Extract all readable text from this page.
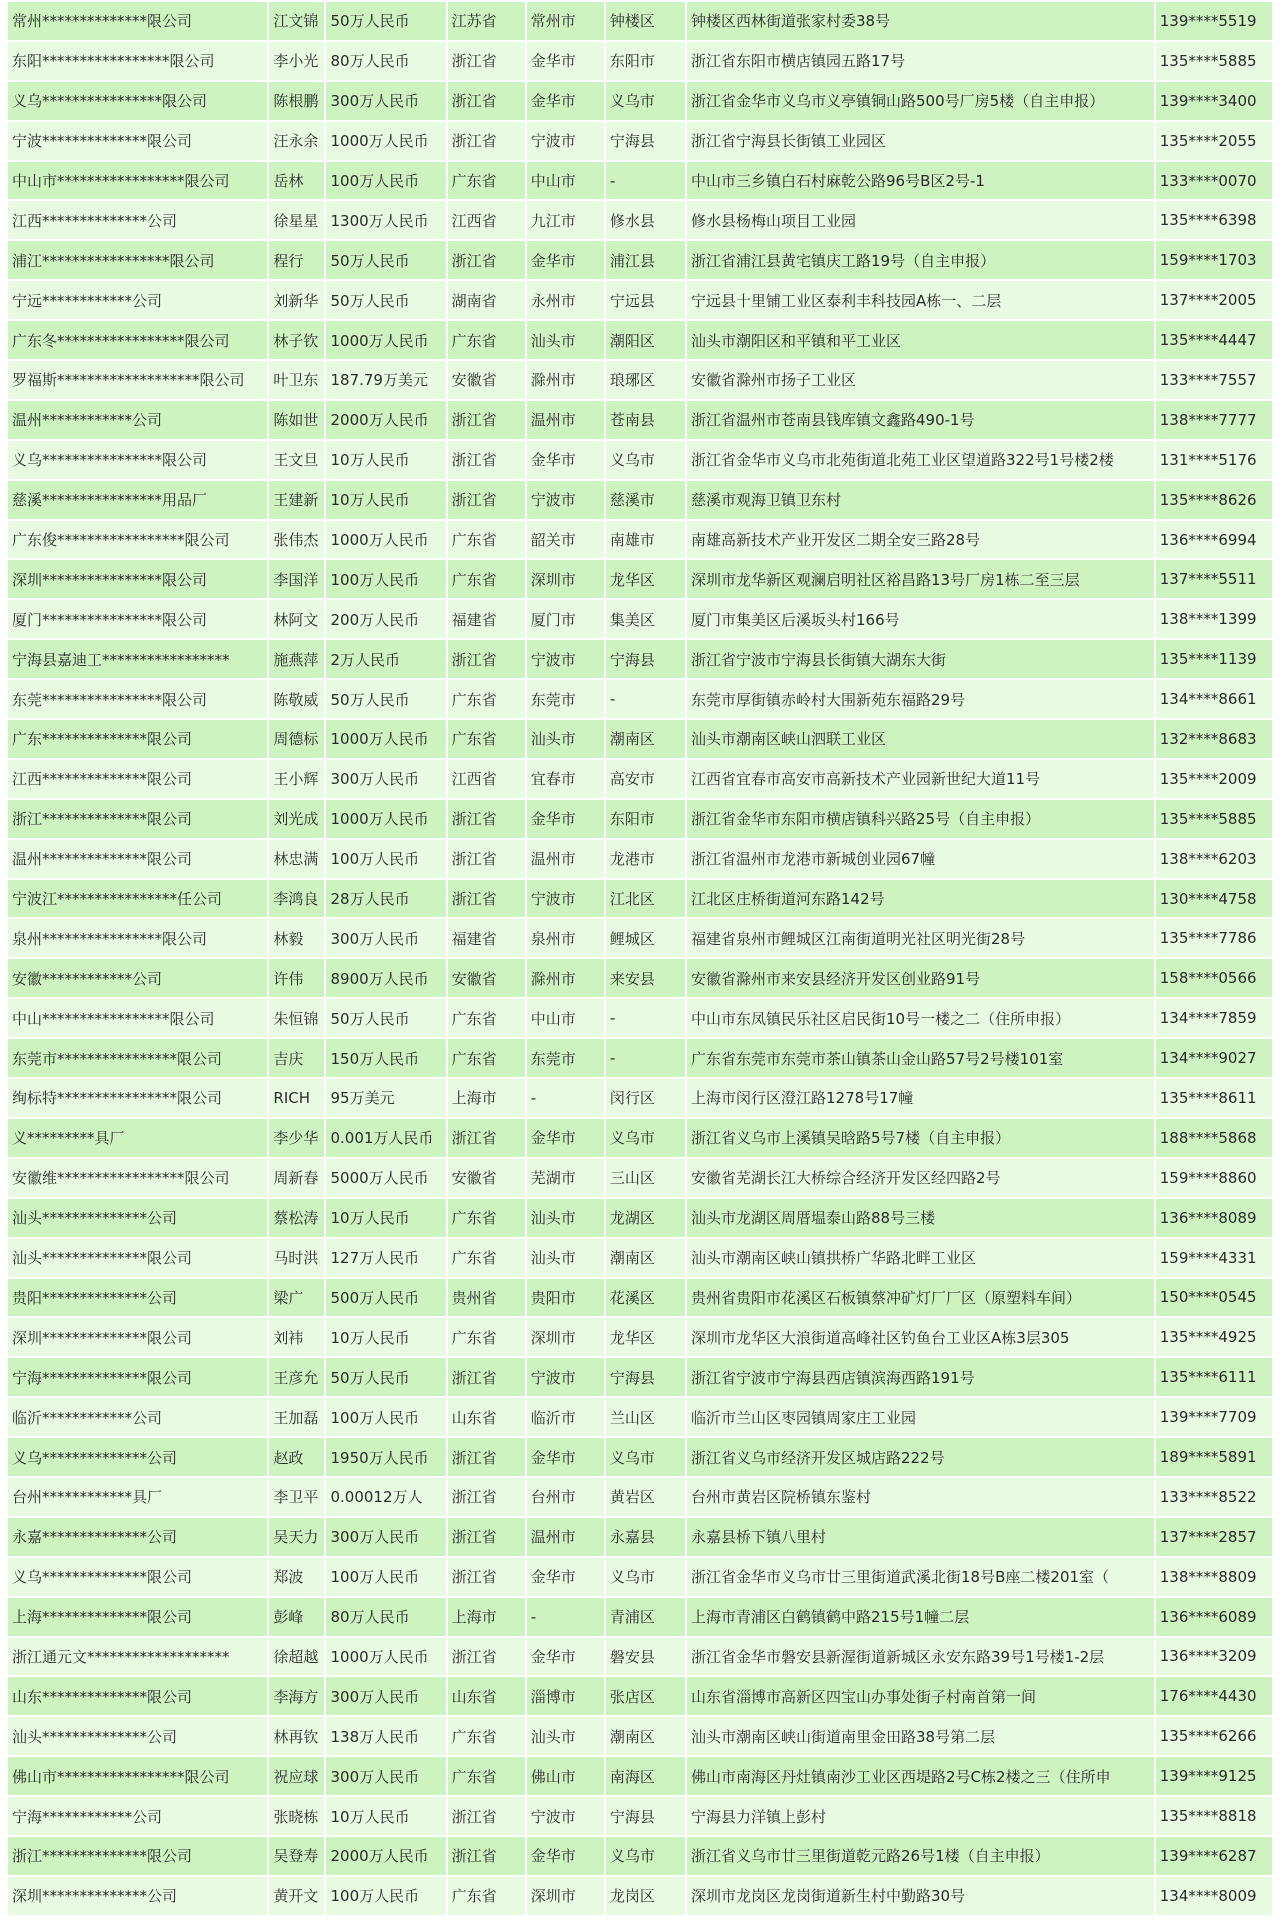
常州**************限公司	江文锦	50万人民币	江苏省	常州市	钟楼区	钟楼区西林街道张家村委38号	139****5519
东阳*****************限公司	李小光	80万人民币	浙江省	金华市	东阳市	浙江省东阳市横店镇园五路17号	135****5885
义乌****************限公司	陈根鹏	300万人民币	浙江省	金华市	义乌市	浙江省金华市义乌市义亭镇铜山路500号厂房5楼（自主申报）	139****3400
宁波**************限公司	汪永余	1000万人民币	浙江省	宁波市	宁海县	浙江省宁海县长街镇工业园区	135****2055
中山市*****************限公司	岳林	100万人民币	广东省	中山市	-	中山市三乡镇白石村麻乾公路96号B区2号-1	133****0070
江西**************公司	徐星星	1300万人民币	江西省	九江市	修水县	修水县杨梅山项目工业园	135****6398
浦江*****************限公司	程行	50万人民币	浙江省	金华市	浦江县	浙江省浦江县黄宅镇庆工路19号（自主申报）	159****1703
宁远************公司	刘新华	50万人民币	湖南省	永州市	宁远县	宁远县十里铺工业区泰利丰科技园A栋一、二层	137****2005
广东冬*****************限公司	林子钦	1000万人民币	广东省	汕头市	潮阳区	汕头市潮阳区和平镇和平工业区	135****4447
罗福斯*******************限公司	叶卫东	187.79万美元	安徽省	滁州市	琅琊区	安徽省滁州市扬子工业区	133****7557
温州************公司	陈如世	2000万人民币	浙江省	温州市	苍南县	浙江省温州市苍南县钱库镇文鑫路490-1号	138****7777
义乌****************限公司	王文旦	10万人民币	浙江省	金华市	义乌市	浙江省金华市义乌市北苑街道北苑工业区望道路322号1号楼2楼	131****5176
慈溪****************用品厂	王建新	10万人民币	浙江省	宁波市	慈溪市	慈溪市观海卫镇卫东村	135****8626
广东俊*****************限公司	张伟杰	1000万人民币	广东省	韶关市	南雄市	南雄高新技术产业开发区二期全安三路28号	136****6994
深圳****************限公司	李国洋	100万人民币	广东省	深圳市	龙华区	深圳市龙华新区观澜启明社区裕昌路13号厂房1栋二至三层	137****5511
厦门****************限公司	林阿文	200万人民币	福建省	厦门市	集美区	厦门市集美区后溪坂头村166号	138****1399
宁海县嘉迪工*****************	施燕萍	2万人民币	浙江省	宁波市	宁海县	浙江省宁波市宁海县长街镇大湖东大街	135****1139
东莞****************限公司	陈敬威	50万人民币	广东省	东莞市	-	东莞市厚街镇赤岭村大围新苑东福路29号	134****8661
广东**************限公司	周德标	1000万人民币	广东省	汕头市	潮南区	汕头市潮南区峡山泗联工业区	132****8683
江西**************限公司	王小辉	300万人民币	江西省	宜春市	高安市	江西省宜春市高安市高新技术产业园新世纪大道11号	135****2009
浙江**************限公司	刘光成	1000万人民币	浙江省	金华市	东阳市	浙江省金华市东阳市横店镇科兴路25号（自主申报）	135****5885
温州**************限公司	林忠满	100万人民币	浙江省	温州市	龙港市	浙江省温州市龙港市新城创业园67幢	138****6203
宁波江****************任公司	李鸿良	28万人民币	浙江省	宁波市	江北区	江北区庄桥街道河东路142号	130****4758
泉州****************限公司	林毅	300万人民币	福建省	泉州市	鲤城区	福建省泉州市鲤城区江南街道明光社区明光街28号	135****7786
安徽************公司	许伟	8900万人民币	安徽省	滁州市	来安县	安徽省滁州市来安县经济开发区创业路91号	158****0566
中山*****************限公司	朱恒锦	50万人民币	广东省	中山市	-	中山市东凤镇民乐社区启民街10号一楼之二（住所申报）	134****7859
东莞市****************限公司	吉庆	150万人民币	广东省	东莞市	-	广东省东莞市东莞市茶山镇茶山金山路57号2号楼101室	134****9027
绚标特****************限公司	RICH	95万美元	上海市	-	闵行区	上海市闵行区澄江路1278号17幢	135****8611
义*********具厂	李少华	0.001万人民币	浙江省	金华市	义乌市	浙江省义乌市上溪镇吴晗路5号7楼（自主申报）	188****5868
安徽维*****************限公司	周新春	5000万人民币	安徽省	芜湖市	三山区	安徽省芜湖长江大桥综合经济开发区经四路2号	159****8860
汕头**************公司	蔡松涛	10万人民币	广东省	汕头市	龙湖区	汕头市龙湖区周厝塭泰山路88号三楼	136****8089
汕头**************限公司	马时洪	127万人民币	广东省	汕头市	潮南区	汕头市潮南区峡山镇拱桥广华路北畔工业区	159****4331
贵阳**************公司	梁广	500万人民币	贵州省	贵阳市	花溪区	贵州省贵阳市花溪区石板镇蔡冲矿灯厂厂区（原塑料车间）	150****0545
深圳**************限公司	刘袆	10万人民币	广东省	深圳市	龙华区	深圳市龙华区大浪街道高峰社区钓鱼台工业区A栋3层305	135****4925
宁海**************限公司	王彦允	50万人民币	浙江省	宁波市	宁海县	浙江省宁波市宁海县西店镇滨海西路191号	135****6111
临沂************公司	王加磊	100万人民币	山东省	临沂市	兰山区	临沂市兰山区枣园镇周家庄工业园	139****7709
义乌**************公司	赵政	1950万人民币	浙江省	金华市	义乌市	浙江省义乌市经济开发区城店路222号	189****5891
台州************具厂	李卫平	0.00012万人	浙江省	台州市	黄岩区	台州市黄岩区院桥镇东鉴村	133****8522
永嘉**************公司	吴天力	300万人民币	浙江省	温州市	永嘉县	永嘉县桥下镇八里村	137****2857
义乌**************限公司	郑波	100万人民币	浙江省	金华市	义乌市	浙江省金华市义乌市廿三里街道武溪北街18号B座二楼201室（	138****8809
上海**************限公司	彭峰	80万人民币	上海市	-	青浦区	上海市青浦区白鹤镇鹤中路215号1幢二层	136****6089
浙江通元文*******************	徐超越	1000万人民币	浙江省	金华市	磐安县	浙江省金华市磐安县新渥街道新城区永安东路39号1号楼1-2层	136****3209
山东**************限公司	李海方	300万人民币	山东省	淄博市	张店区	山东省淄博市高新区四宝山办事处街子村南首第一间	176****4430
汕头**************公司	林再钦	138万人民币	广东省	汕头市	潮南区	汕头市潮南区峡山街道南里金田路38号第二层	135****6266
佛山市*****************限公司	祝应球	300万人民币	广东省	佛山市	南海区	佛山市南海区丹灶镇南沙工业区西堤路2号C栋2楼之三（住所申	139****9125
宁海************公司	张晓栋	10万人民币	浙江省	宁波市	宁海县	宁海县力洋镇上彭村	135****8818
浙江**************限公司	吴登寿	2000万人民币	浙江省	金华市	义乌市	浙江省义乌市廿三里街道乾元路26号1楼（自主申报）	139****6287
深圳**************公司	黄开文	100万人民币	广东省	深圳市	龙岗区	深圳市龙岗区龙岗街道新生村中勤路30号	134****8009
